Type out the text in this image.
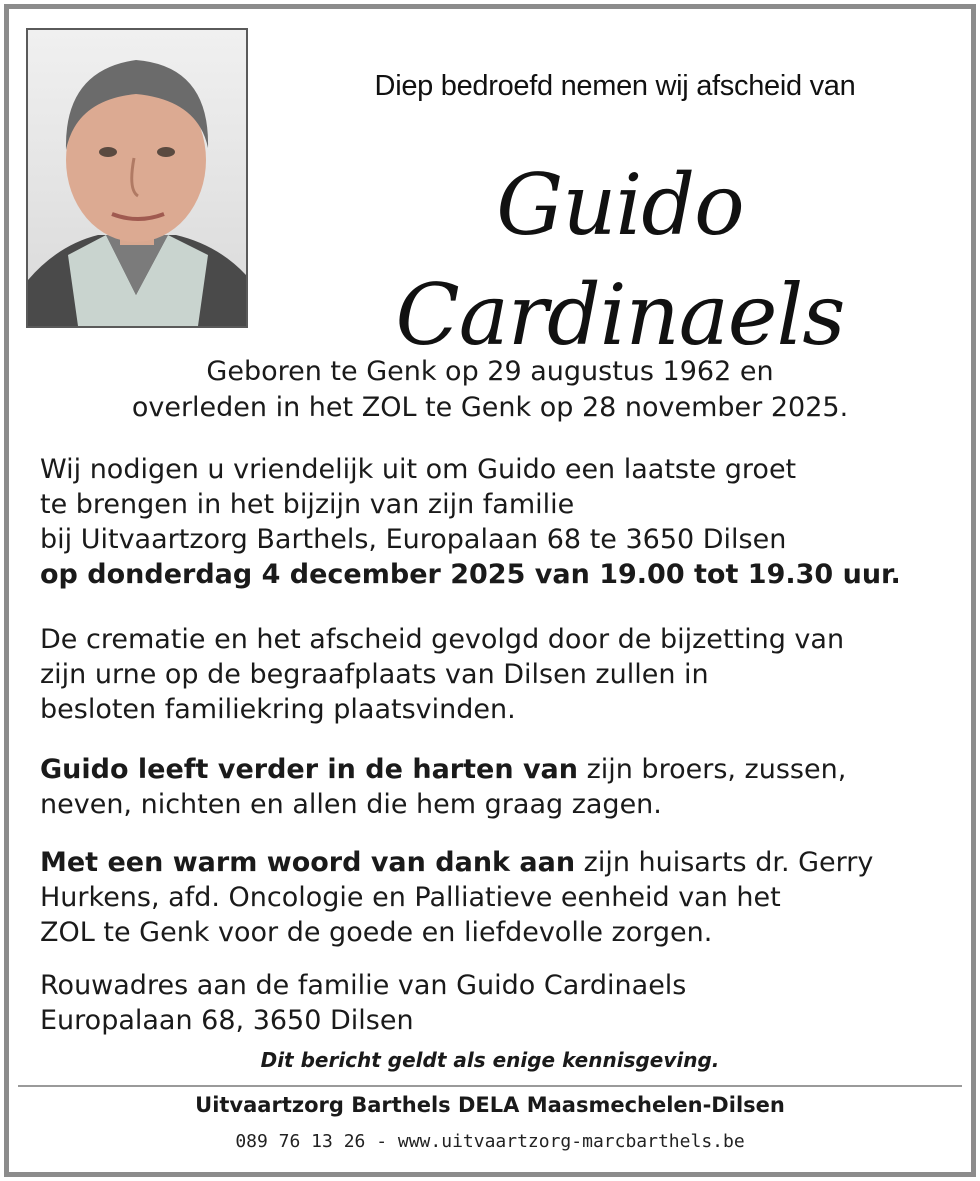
Diep bedroefd nemen wij afscheid van
Guido Cardinaels
Geboren te Genk op 29 augustus 1962 en
overleden in het ZOL te Genk op 28 november 2025.
Wij nodigen u vriendelijk uit om Guido een laatste groet
te brengen in het bijzijn van zijn familie
bij Uitvaartzorg Barthels, Europalaan 68 te 3650 Dilsen
op donderdag 4 december 2025 van 19.00 tot 19.30 uur.
De crematie en het afscheid gevolgd door de bijzetting van
zijn urne op de begraafplaats van Dilsen zullen in
besloten familiekring plaatsvinden.
Guido leeft verder in de harten van zijn broers, zussen,
neven, nichten en allen die hem graag zagen.
Met een warm woord van dank aan zijn huisarts dr. Gerry
Hurkens, afd. Oncologie en Palliatieve eenheid van het
ZOL te Genk voor de goede en liefdevolle zorgen.
Rouwadres aan de familie van Guido Cardinaels
Europalaan 68, 3650 Dilsen
Dit bericht geldt als enige kennisgeving.
Uitvaartzorg Barthels DELA Maasmechelen-Dilsen
089 76 13 26 - www.uitvaartzorg-marcbarthels.be
